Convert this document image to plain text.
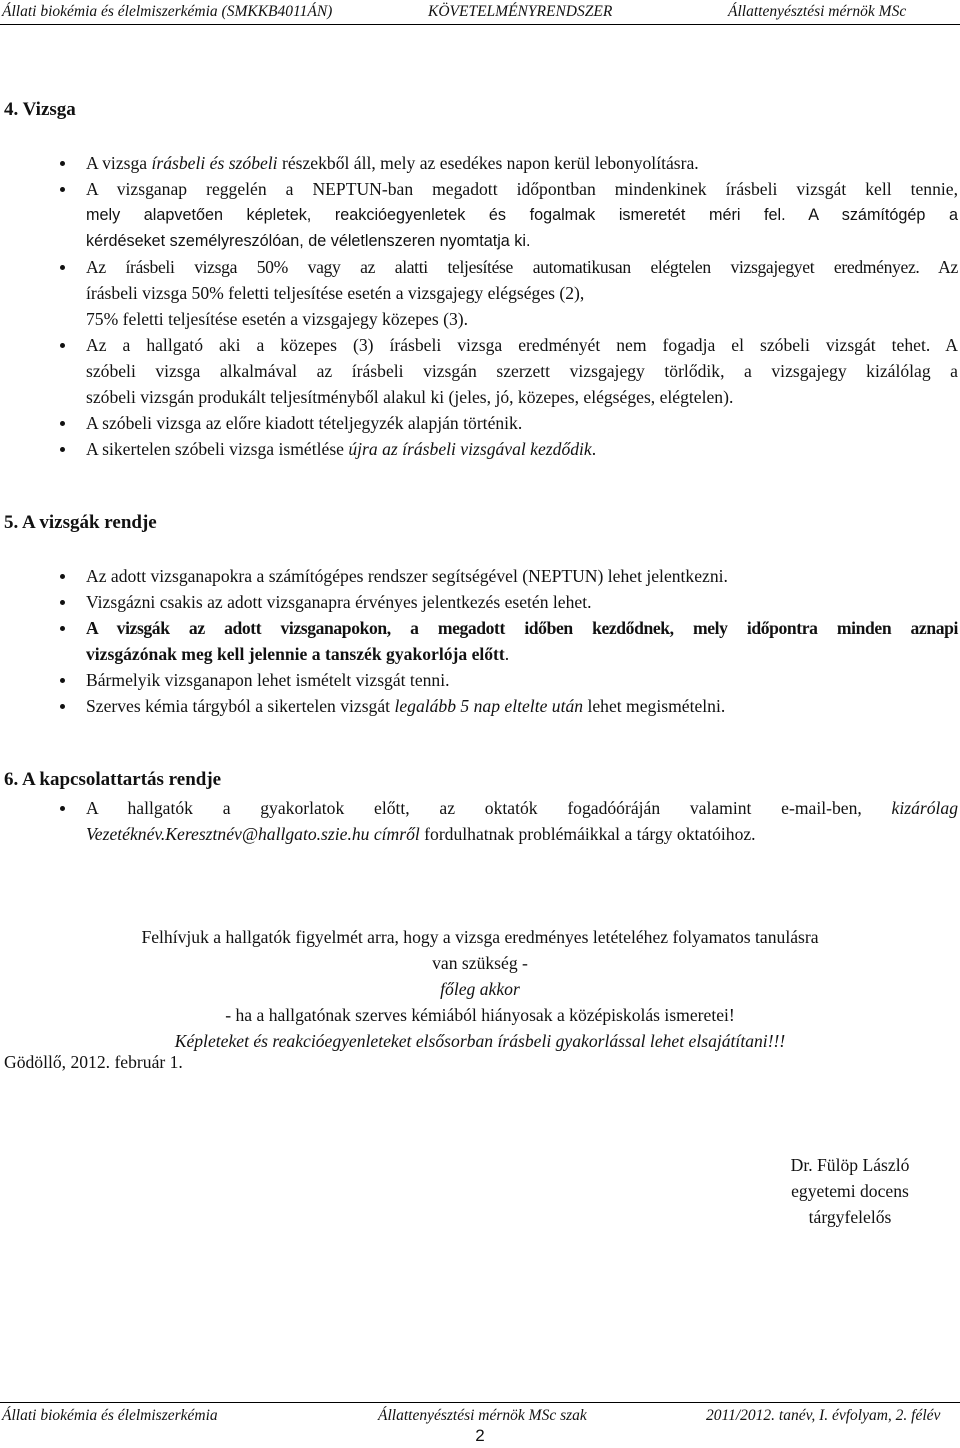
Állati biokémia és élelmiszerkémia (SMKKB4011ÁN)	KÖVETELMÉNYRENDSZER	Állattenyésztési mérnök MSc
4. Vizsga
A vizsga írásbeli és szóbeli részekből áll, mely az esedékes napon kerül lebonyolításra.
A vizsganap reggelén a NEPTUN-ban megadott időpontban mindenkinek írásbeli vizsgát kell tennie,
mely alapvetően képletek, reakcióegyenletek és fogalmak ismeretét méri fel. A számítógép a
kérdéseket személyreszólóan, de véletlenszeren nyomtatja ki.
Az írásbeli vizsga 50% vagy az alatti teljesítése automatikusan elégtelen vizsgajegyet eredményez. Az
írásbeli vizsga 50% feletti teljesítése esetén a vizsgajegy elégséges (2),
75% feletti teljesítése esetén a vizsgajegy közepes (3).
Az a hallgató aki a közepes (3) írásbeli vizsga eredményét nem fogadja el szóbeli vizsgát tehet. A
szóbeli vizsga alkalmával az írásbeli vizsgán szerzett vizsgajegy törlődik, a vizsgajegy kizálólag a
szóbeli vizsgán produkált teljesítményből alakul ki (jeles, jó, közepes, elégséges, elégtelen).
A szóbeli vizsga az előre kiadott tételjegyzék alapján történik.
A sikertelen szóbeli vizsga ismétlése újra az írásbeli vizsgával kezdődik.
5. A vizsgák rendje
Az adott vizsganapokra a számítógépes rendszer segítségével (NEPTUN) lehet jelentkezni.
Vizsgázni csakis az adott vizsganapra érvényes jelentkezés esetén lehet.
A vizsgák az adott vizsganapokon, a megadott időben kezdődnek, mely időpontra minden aznapi
vizsgázónak meg kell jelennie a tanszék gyakorlója előtt.
Bármelyik vizsganapon lehet ismételt vizsgát tenni.
Szerves kémia tárgyból a sikertelen vizsgát legalább 5 nap eltelte után lehet megismételni.
6. A kapcsolattartás rendje
A hallgatók a gyakorlatok előtt, az oktatók fogadóóráján valamint e-mail-ben, kizárólag
Vezetéknév.Keresztnév@hallgato.szie.hu címről fordulhatnak problémáikkal a tárgy oktatóihoz.
Felhívjuk a hallgatók figyelmét arra, hogy a vizsga eredményes letételéhez folyamatos tanulásra
van szükség -
főleg akkor
- ha a hallgatónak szerves kémiából hiányosak a középiskolás ismeretei!
Képleteket és reakcióegyenleteket elsősorban írásbeli gyakorlással lehet elsajátítani!!!
Gödöllő, 2012. február 1.
Dr. Fülöp László
egyetemi docens
tárgyfelelős
Állati biokémia és élelmiszerkémia	Állattenyésztési mérnök MSc szak	2011/2012. tanév, I. évfolyam, 2. félév
2
